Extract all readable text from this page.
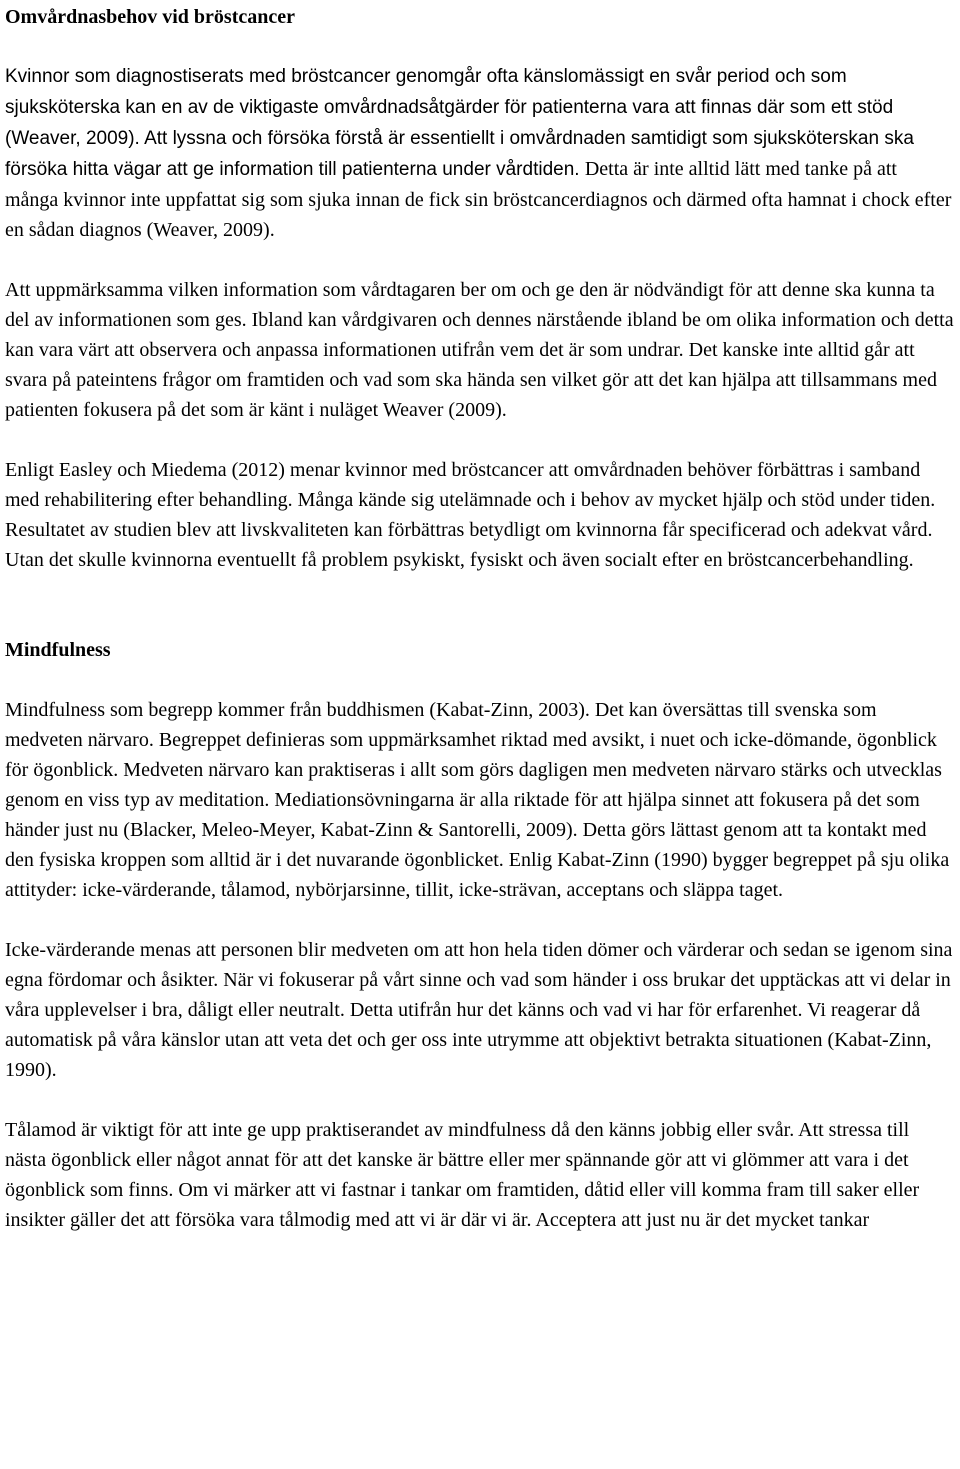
Omvårdnasbehov vid bröstcancer

Kvinnor som diagnostiserats med bröstcancer genomgår ofta känslomässigt en svår period och som sjuksköterska kan en av de viktigaste omvårdnadsåtgärder för patienterna vara att finnas där som ett stöd (Weaver, 2009). Att lyssna och försöka förstå är essentiellt i omvårdnaden samtidigt som sjuksköterskan ska försöka hitta vägar att ge information till patienterna under vårdtiden. Detta är inte alltid lätt med tanke på att många kvinnor inte uppfattat sig som sjuka innan de fick sin bröstcancerdiagnos och därmed ofta hamnat i chock efter en sådan diagnos (Weaver, 2009).

Att uppmärksamma vilken information som vårdtagaren ber om och ge den är nödvändigt för att denne ska kunna ta del av informationen som ges. Ibland kan vårdgivaren och dennes närstående ibland be om olika information och detta kan vara värt att observera och anpassa informationen utifrån vem det är som undrar. Det kanske inte alltid går att svara på pateintens frågor om framtiden och vad som ska hända sen vilket gör att det kan hjälpa att tillsammans med patienten fokusera på det som är känt i nuläget Weaver (2009).

Enligt Easley och Miedema (2012) menar kvinnor med bröstcancer att omvårdnaden behöver förbättras i samband med rehabilitering efter behandling. Många kände sig utelämnade och i behov av mycket hjälp och stöd under tiden. Resultatet av studien blev att livskvaliteten kan förbättras betydligt om kvinnorna får specificerad och adekvat vård. Utan det skulle kvinnorna eventuellt få problem psykiskt, fysiskt och även socialt efter en bröstcancerbehandling.

Mindfulness

Mindfulness som begrepp kommer från buddhismen (Kabat-Zinn, 2003). Det kan översättas till svenska som medveten närvaro. Begreppet definieras som uppmärksamhet riktad med avsikt, i nuet och icke-dömande, ögonblick för ögonblick. Medveten närvaro kan praktiseras i allt som görs dagligen men medveten närvaro stärks och utvecklas genom en viss typ av meditation. Mediationsövningarna är alla riktade för att hjälpa sinnet att fokusera på det som händer just nu (Blacker, Meleo-Meyer, Kabat-Zinn & Santorelli, 2009). Detta görs lättast genom att ta kontakt med den fysiska kroppen som alltid är i det nuvarande ögonblicket. Enlig Kabat-Zinn (1990) bygger begreppet på sju olika attityder: icke-värderande, tålamod, nybörjarsinne, tillit, icke-strävan, acceptans och släppa taget.

Icke-värderande menas att personen blir medveten om att hon hela tiden dömer och värderar och sedan se igenom sina egna fördomar och åsikter. När vi fokuserar på vårt sinne och vad som händer i oss brukar det upptäckas att vi delar in våra upplevelser i bra, dåligt eller neutralt. Detta utifrån hur det känns och vad vi har för erfarenhet. Vi reagerar då automatisk på våra känslor utan att veta det och ger oss inte utrymme att objektivt betrakta situationen (Kabat-Zinn, 1990).

Tålamod är viktigt för att inte ge upp praktiserandet av mindfulness då den känns jobbig eller svår. Att stressa till nästa ögonblick eller något annat för att det kanske är bättre eller mer spännande gör att vi glömmer att vara i det ögonblick som finns. Om vi märker att vi fastnar i tankar om framtiden, dåtid eller vill komma fram till saker eller insikter gäller det att försöka vara tålmodig med att vi är där vi är. Acceptera att just nu är det mycket tankar
